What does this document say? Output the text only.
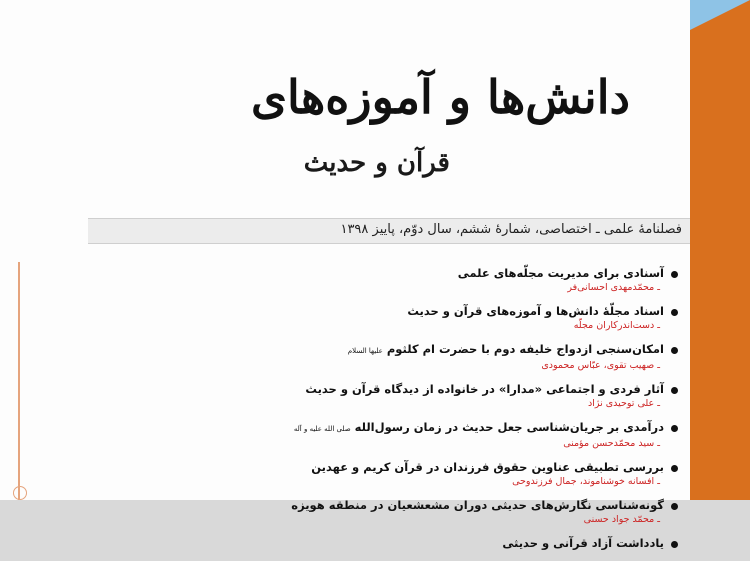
دانش‌ها و آموزه‌های
قرآن و حدیث
فصلنامهٔ علمی ـ اختصاصی، شمارهٔ ششم، سال دوّم، پاییز ۱۳۹۸
آسنادی برای مدیریت مجلّه‌های علمی
ـ محمّدمهدی احسانی‌فر
اسناد مجلّهٔ دانش‌ها و آموزه‌های قرآن و حدیث
ـ دست‌اندرکاران مجلّه
امکان‌سنجی ازدواج خلیفه دوم با حضرت ام کلثوم علیها السلام
ـ صهیب تقوی، عبّاس محمودی
آثار فردی و اجتماعی «مدارا» در خانواده از دیدگاه قرآن و حدیث
ـ علی توحیدی نژاد
درآمدی بر جریان‌شناسی جعل حدیث در زمان رسول‌الله صلی الله علیه و آله
ـ سید محمّدحسن مؤمنی
بررسی تطبیقی عناوین حقوق فرزندان در قرآن کریم و عهدین
ـ افسانه خوشناموند، جمال فرزندوحی
گونه‌شناسی نگارش‌های حدیثی دوران مشعشعیان در منطقه هویزه
ـ محمّد جواد حسنی
یادداشت آزاد قرآنی و حدیثی
